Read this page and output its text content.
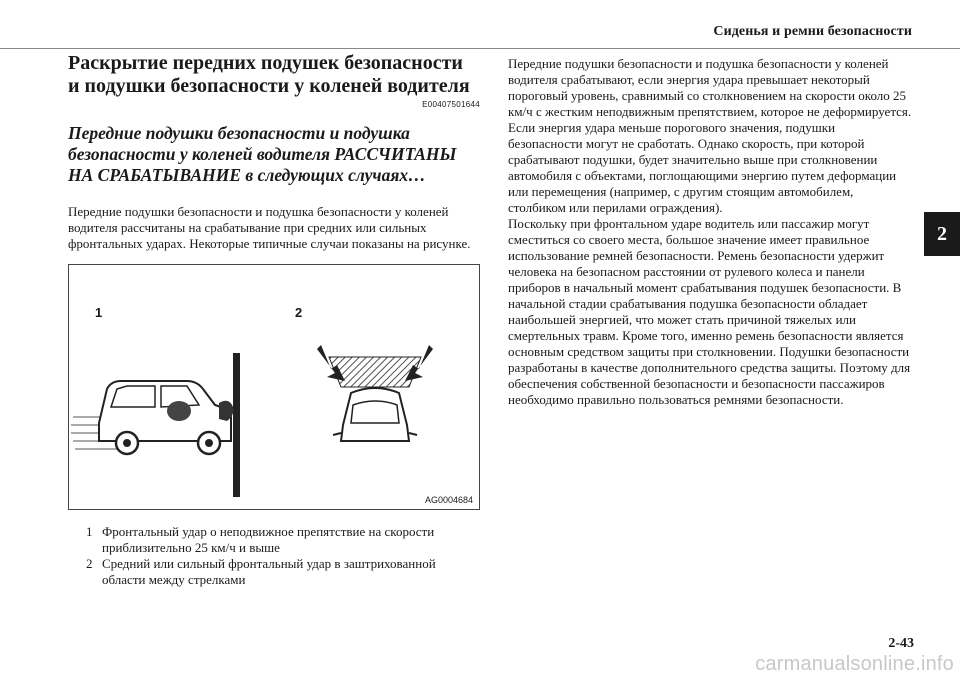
Сиденья и ремни безопасности
2
Раскрытие передних подушек безопасности
и подушки безопасности у коленей водителя
E00407501644
Передние подушки безопасности и подушка
безопасности у коленей водителя РАССЧИТАНЫ
НА СРАБАТЫВАНИЕ в следующих случаях…
Передние подушки безопасности и подушка безопасности у коленей водителя рассчитаны на срабатывание при средних или сильных фронтальных ударах. Некоторые типичные случаи показаны на рисунке.
1	2
AG0004684
1 Фронтальный удар о неподвижное препятствие на скорости приблизительно 25 км/ч и выше
2 Средний или сильный фронтальный удар в заштрихованной области между стрелками

Передние подушки безопасности и подушка безопасности у коленей водителя срабатывают, если энергия удара превышает некоторый пороговый уровень, сравнимый со столкновением на скорости около 25 км/ч с жестким неподвижным препятствием, которое не деформируется. Если энергия удара меньше порогового значения, подушки безопасности могут не сработать. Однако скорость, при которой срабатывают подушки, будет значительно выше при столкновении автомобиля с объектами, поглощающими энергию путем деформации или перемещения (например, с другим стоящим автомобилем, столбиком или перилами ограждения).

Поскольку при фронтальном ударе водитель или пассажир могут сместиться со своего места, большое значение имеет правильное использование ремней безопасности. Ремень безопасности удержит человека на безопасном расстоянии от рулевого колеса и панели приборов в начальный момент срабатывания подушек безопасности. В начальной стадии срабатывания подушка безопасности обладает наибольшей энергией, что может стать причиной тяжелых или смертельных травм. Кроме того, именно ремень безопасности является основным средством защиты при столкновении. Подушки безопасности разработаны в качестве дополнительного средства защиты. Поэтому для обеспечения собственной безопасности и безопасности пассажиров необходимо правильно пользоваться ремнями безопасности.

2-43
carmanualsonline.info
